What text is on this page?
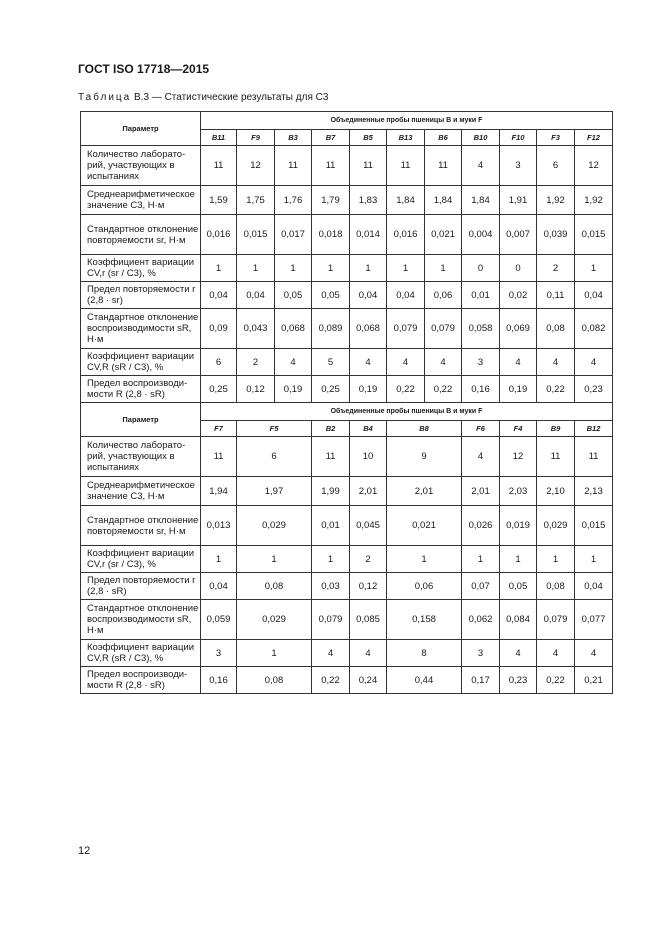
ГОСТ ISO 17718—2015
Таблица В.3 — Статистические результаты для С3
Параметр	Объединенные пробы пшеницы В и муки F										
	B11	F9	B3	B7	B5	B13	B6	B10	F10	F3	F12
Количество лабораторий, участвующих в испытаниях	11	12	11	11	11	11	11	4	3	6	12
Среднеарифметическое значение С3, Н·м	1,59	1,75	1,76	1,79	1,83	1,84	1,84	1,84	1,91	1,92	1,92
Стандартное отклонение повторяемости sr, Н·м	0,016	0,015	0,017	0,018	0,014	0,016	0,021	0,004	0,007	0,039	0,015
Коэффициент вариации CV,r (sr / С3), %	1	1	1	1	1	1	1	0	0	2	1
Предел повторяемости r (2,8 · sr)	0,04	0,04	0,05	0,05	0,04	0,04	0,06	0,01	0,02	0,11	0,04
Стандартное отклонение воспроизводимости sR, Н·м	0,09	0,043	0,068	0,089	0,068	0,079	0,079	0,058	0,069	0,08	0,082
Коэффициент вариации CV,R (sR / С3), %	6	2	4	5	4	4	4	3	4	4	4
Предел воспроизводимости R (2,8 · sR)	0,25	0,12	0,19	0,25	0,19	0,22	0,22	0,16	0,19	0,22	0,23
Параметр	Объединенные пробы пшеницы В и муки F										
	F7	F5		B2	B4	B8		F6	F4	B9	B12
Количество лабораторий, участвующих в испытаниях	11	6		11	10	9		4	12	11	11
Среднеарифметическое значение С3, Н·м	1,94	1,97		1,99	2,01	2,01		2,01	2,03	2,10	2,13
Стандартное отклонение повторяемости sr, Н·м	0,013	0,029		0,01	0,045	0,021		0,026	0,019	0,029	0,015
Коэффициент вариации CV,r (sr / С3), %	1	1		1	2	1		1	1	1	1
Предел повторяемости r (2,8 · sR)	0,04	0,08		0,03	0,12	0,06		0,07	0,05	0,08	0,04
Стандартное отклонение воспроизводимости sR, Н·м	0,059	0,029		0,079	0,085	0,158		0,062	0,084	0,079	0,077
Коэффициент вариации CV,R (sR / С3), %	3	1		4	4	8		3	4	4	4
Предел воспроизводимости R (2,8 · sR)	0,16	0,08		0,22	0,24	0,44		0,17	0,23	0,22	0,21
12
